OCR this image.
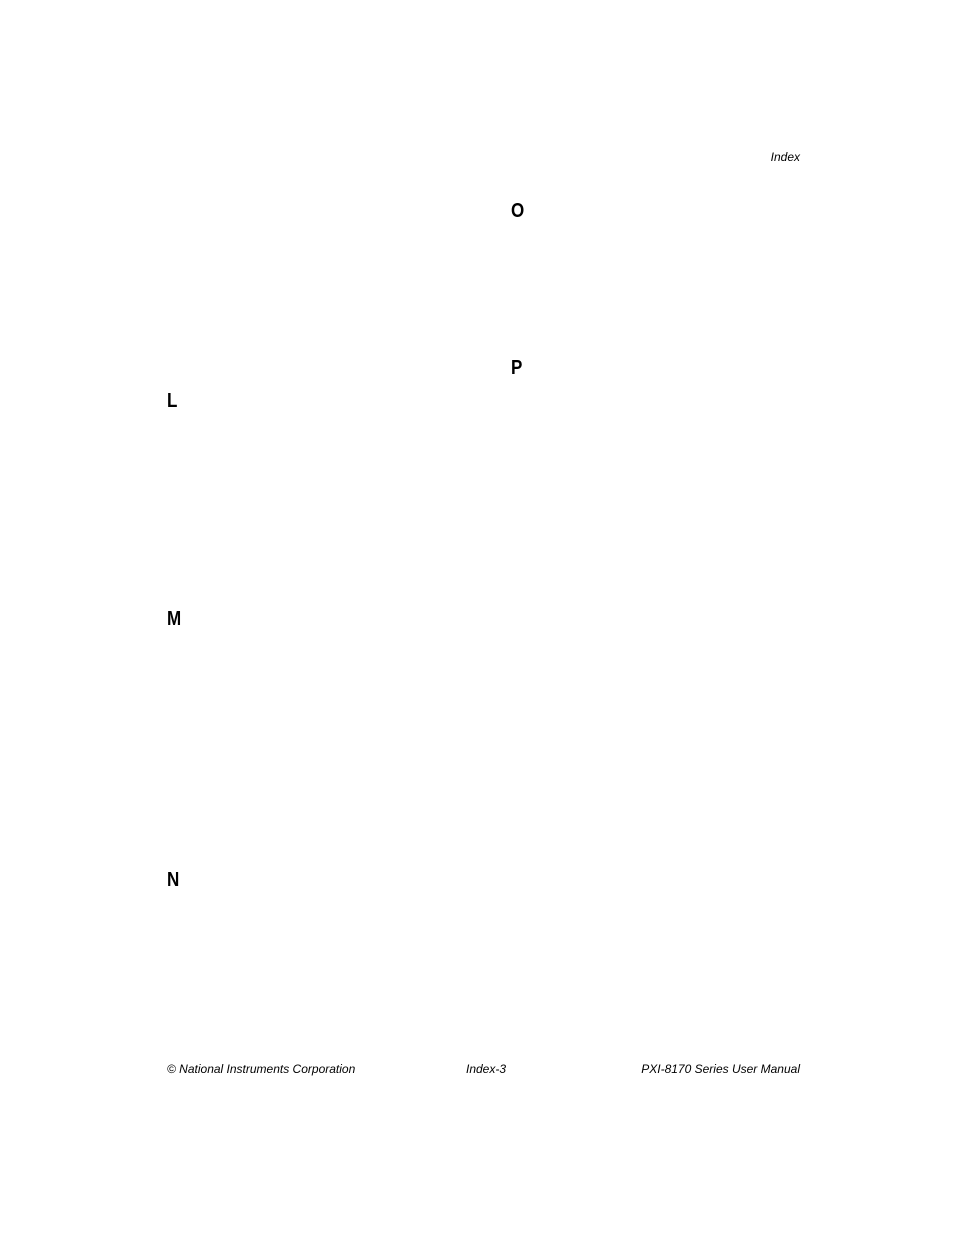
Index
O
P
L
M
N
© National Instruments Corporation	Index-3	PXI-8170 Series User Manual
